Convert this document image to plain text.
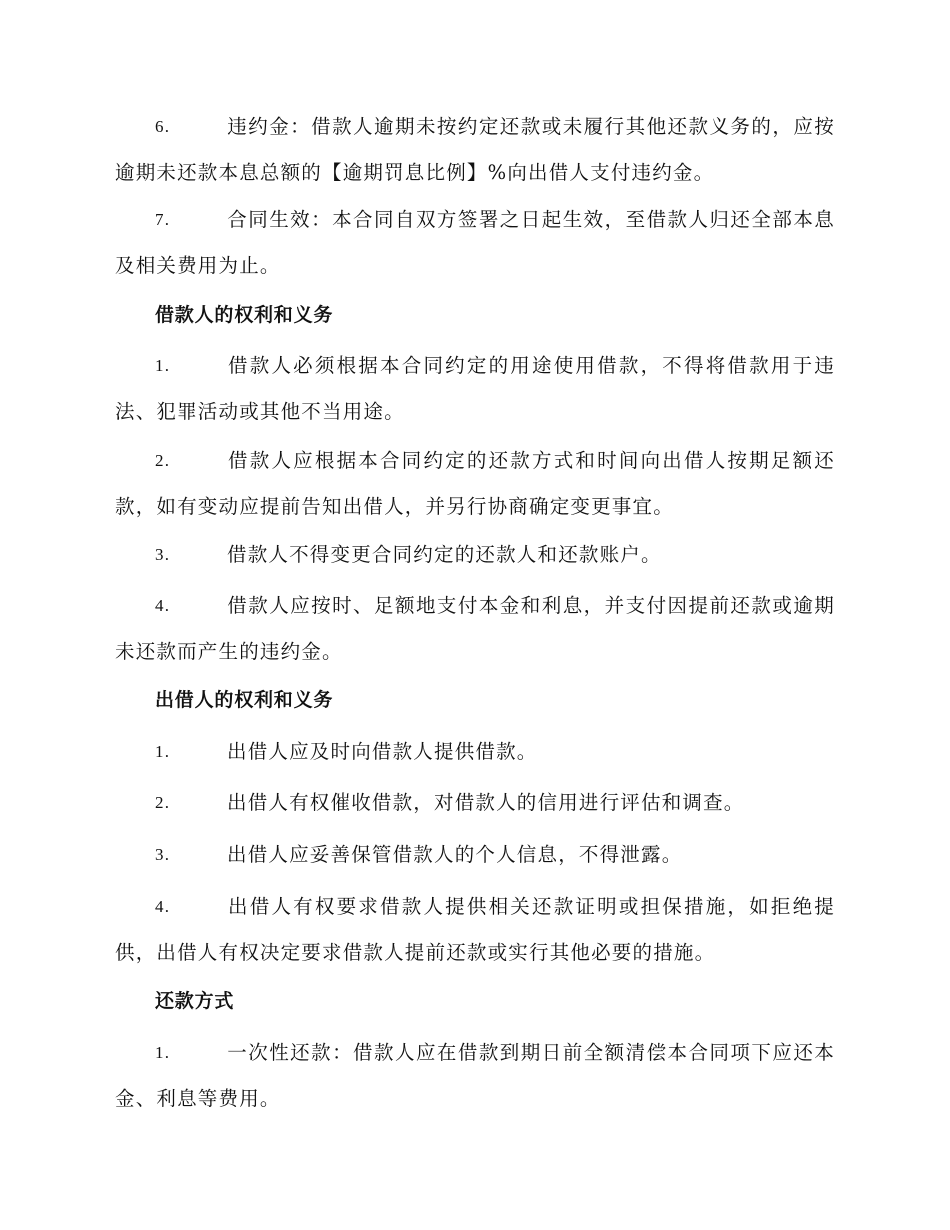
6.	违约金：借款人逾期未按约定还款或未履行其他还款义务的，应按逾期未还款本息总额的【逾期罚息比例】%向出借人支付违约金。
7.	合同生效：本合同自双方签署之日起生效，至借款人归还全部本息及相关费用为止。
借款人的权利和义务
1.	借款人必须根据本合同约定的用途使用借款，不得将借款用于违法、犯罪活动或其他不当用途。
2.	借款人应根据本合同约定的还款方式和时间向出借人按期足额还款，如有变动应提前告知出借人，并另行协商确定变更事宜。
3.	借款人不得变更合同约定的还款人和还款账户。
4.	借款人应按时、足额地支付本金和利息，并支付因提前还款或逾期未还款而产生的违约金。
出借人的权利和义务
1.	出借人应及时向借款人提供借款。
2.	出借人有权催收借款，对借款人的信用进行评估和调查。
3.	出借人应妥善保管借款人的个人信息，不得泄露。
4.	出借人有权要求借款人提供相关还款证明或担保措施，如拒绝提供，出借人有权决定要求借款人提前还款或实行其他必要的措施。
还款方式
1.	一次性还款：借款人应在借款到期日前全额清偿本合同项下应还本金、利息等费用。
